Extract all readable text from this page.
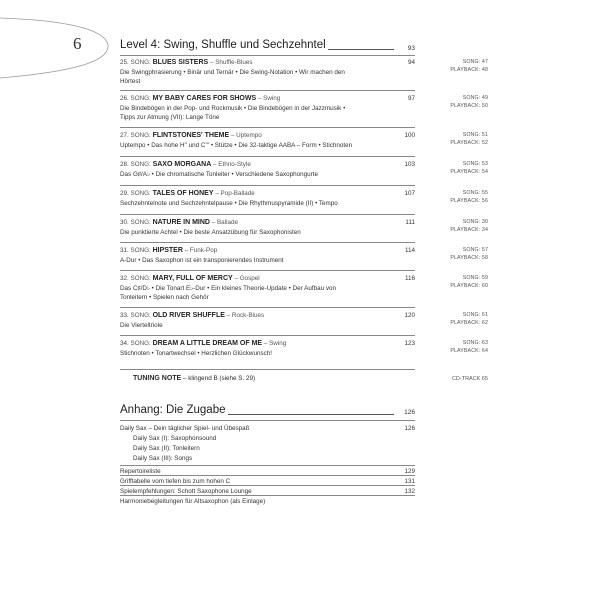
6	Level 4: Swing, Shuffle und Sechzehntel	93
25. SONG: BLUES SISTERS – Shuffle-Blues	94
Die Swingphrasierung • Binär und Ternär • Die Swing-Notation • Wir machen den
Hörtest
SONG: 47
PLAYBACK: 48
26. SONG: MY BABY CARES FOR SHOWS – Swing	97
Die Bindebögen in der Pop- und Rockmusik • Die Bindebögen in der Jazzmusik •
Tipps zur Atmung (VII): Lange Töne
SONG: 49
PLAYBACK: 50
27. SONG: FLINTSTONES' THEME – Uptempo	100
Uptempo • Das hohe H'' und C''' • Stütze • Die 32-taktige AABA – Form • Stichnoten
SONG: 51
PLAYBACK: 52
28. SONG: SAXO MORGANA – Ethno-Style	103
Das G♯/A♭ • Die chromatische Tonleiter • Verschiedene Saxophongurte
SONG: 53
PLAYBACK: 54
29. SONG: TALES OF HONEY – Pop-Ballade	107
Sechzehntelnote und Sechzehntelpause • Die Rhythmuspyramide (II) • Tempo
SONG: 55
PLAYBACK: 56
30. SONG: NATURE IN MIND – Ballade	111
Die punktierte Achtel • Die beste Ansatzübung für Saxophonisten
SONG: 30
PLAYBACK: 34
31. SONG: HIPSTER – Funk-Pop	114
A-Dur • Das Saxophon ist ein transponierendes Instrument
SONG: 57
PLAYBACK: 58
32. SONG: MARY, FULL OF MERCY – Gospel	116
Das C♯/D♭ • Die Tonart E♭-Dur • Ein kleines Theorie-Update • Der Aufbau von
Tonleitern • Spielen nach Gehör
SONG: 59
PLAYBACK: 60
33. SONG: OLD RIVER SHUFFLE – Rock-Blues	120
Die Vierteltriole
SONG: 61
PLAYBACK: 62
34. SONG: DREAM A LITTLE DREAM OF ME – Swing	123
Stichnoten • Tonartwechsel • Herzlichen Glückwunsch!
SONG: 63
PLAYBACK: 64
TUNING NOTE – klingend B (siehe S. 29)	CD-TRACK 65
Anhang: Die Zugabe	126
Daily Sax – Dein täglicher Spiel- und Übespaß	126
Daily Sax (I): Saxophonsound
Daily Sax (II): Tonleitern
Daily Sax (III): Songs
Repertoireliste	129
Grifftabelle vom tiefen bis zum hohen C	131
Spielempfehlungen: Schott Saxophone Lounge	132
Harmoniebegleitungen für Altsaxophon (als Einlage)
